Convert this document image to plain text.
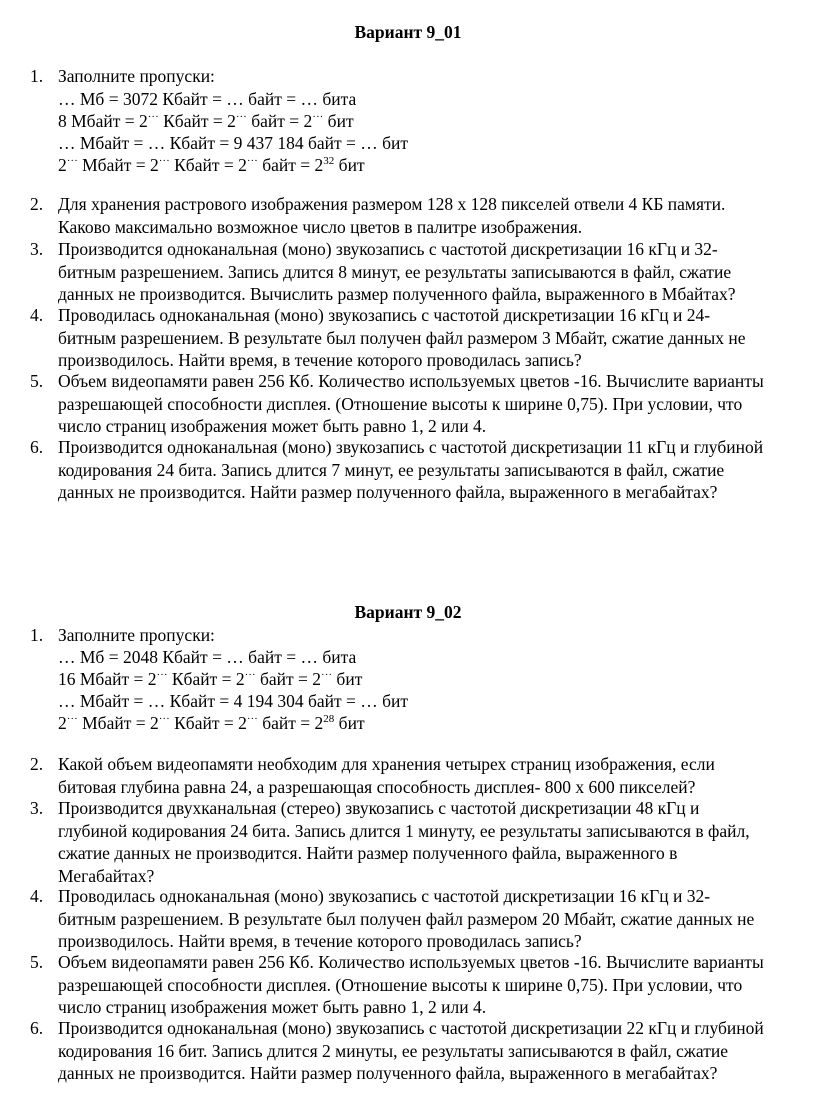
Вариант 9_01
1. Заполните пропуски:
… Мб = 3072 Кбайт = … байт = … бита
8 Мбайт = 2··· Кбайт = 2··· байт = 2··· бит
… Мбайт = … Кбайт = 9 437 184 байт = … бит
2··· Мбайт = 2··· Кбайт = 2··· байт = $2^{32}$ бит
2. Для хранения растрового изображения размером 128 x 128 пикселей отвели 4 КБ памяти.
Каково максимально возможное число цветов в палитре изображения.
3. Производится одноканальная (моно) звукозапись с частотой дискретизации 16 кГц и 32-
битным разрешением. Запись длится 8 минут, ее результаты записываются в файл, сжатие
данных не производится. Вычислить размер полученного файла, выраженного в Мбайтах?
4. Проводилась одноканальная (моно) звукозапись с частотой дискретизации 16 кГц и 24-
битным разрешением. В результате был получен файл размером 3 Мбайт, сжатие данных не
производилось. Найти время, в течение которого проводилась запись?
5. Объем видеопамяти равен 256 Кб. Количество используемых цветов -16. Вычислите варианты
разрешающей способности дисплея. (Отношение высоты к ширине 0,75). При условии, что
число страниц изображения может быть равно 1, 2 или 4.
6. Производится одноканальная (моно) звукозапись с частотой дискретизации 11 кГц и глубиной
кодирования 24 бита. Запись длится 7 минут, ее результаты записываются в файл, сжатие
данных не производится. Найти размер полученного файла, выраженного в мегабайтах?
Вариант 9_02
1. Заполните пропуски:
… Мб = 2048 Кбайт = … байт = … бита
16 Мбайт = 2··· Кбайт = 2··· байт = 2··· бит
… Мбайт = … Кбайт = 4 194 304 байт = … бит
2··· Мбайт = 2··· Кбайт = 2··· байт = $2^{28}$ бит
2. Какой объем видеопамяти необходим для хранения четырех страниц изображения, если
битовая глубина равна 24, а разрешающая способность дисплея- 800 х 600 пикселей?
3. Производится двухканальная (стерео) звукозапись с частотой дискретизации 48 кГц и
глубиной кодирования 24 бита. Запись длится 1 минуту, ее результаты записываются в файл,
сжатие данных не производится. Найти размер полученного файла, выраженного в
Мегабайтах?
4. Проводилась одноканальная (моно) звукозапись с частотой дискретизации 16 кГц и 32-
битным разрешением. В результате был получен файл размером 20 Мбайт, сжатие данных не
производилось. Найти время, в течение которого проводилась запись?
5. Объем видеопамяти равен 256 Кб. Количество используемых цветов -16. Вычислите варианты
разрешающей способности дисплея. (Отношение высоты к ширине 0,75). При условии, что
число страниц изображения может быть равно 1, 2 или 4.
6. Производится одноканальная (моно) звукозапись с частотой дискретизации 22 кГц и глубиной
кодирования 16 бит. Запись длится 2 минуты, ее результаты записываются в файл, сжатие
данных не производится. Найти размер полученного файла, выраженного в мегабайтах?
